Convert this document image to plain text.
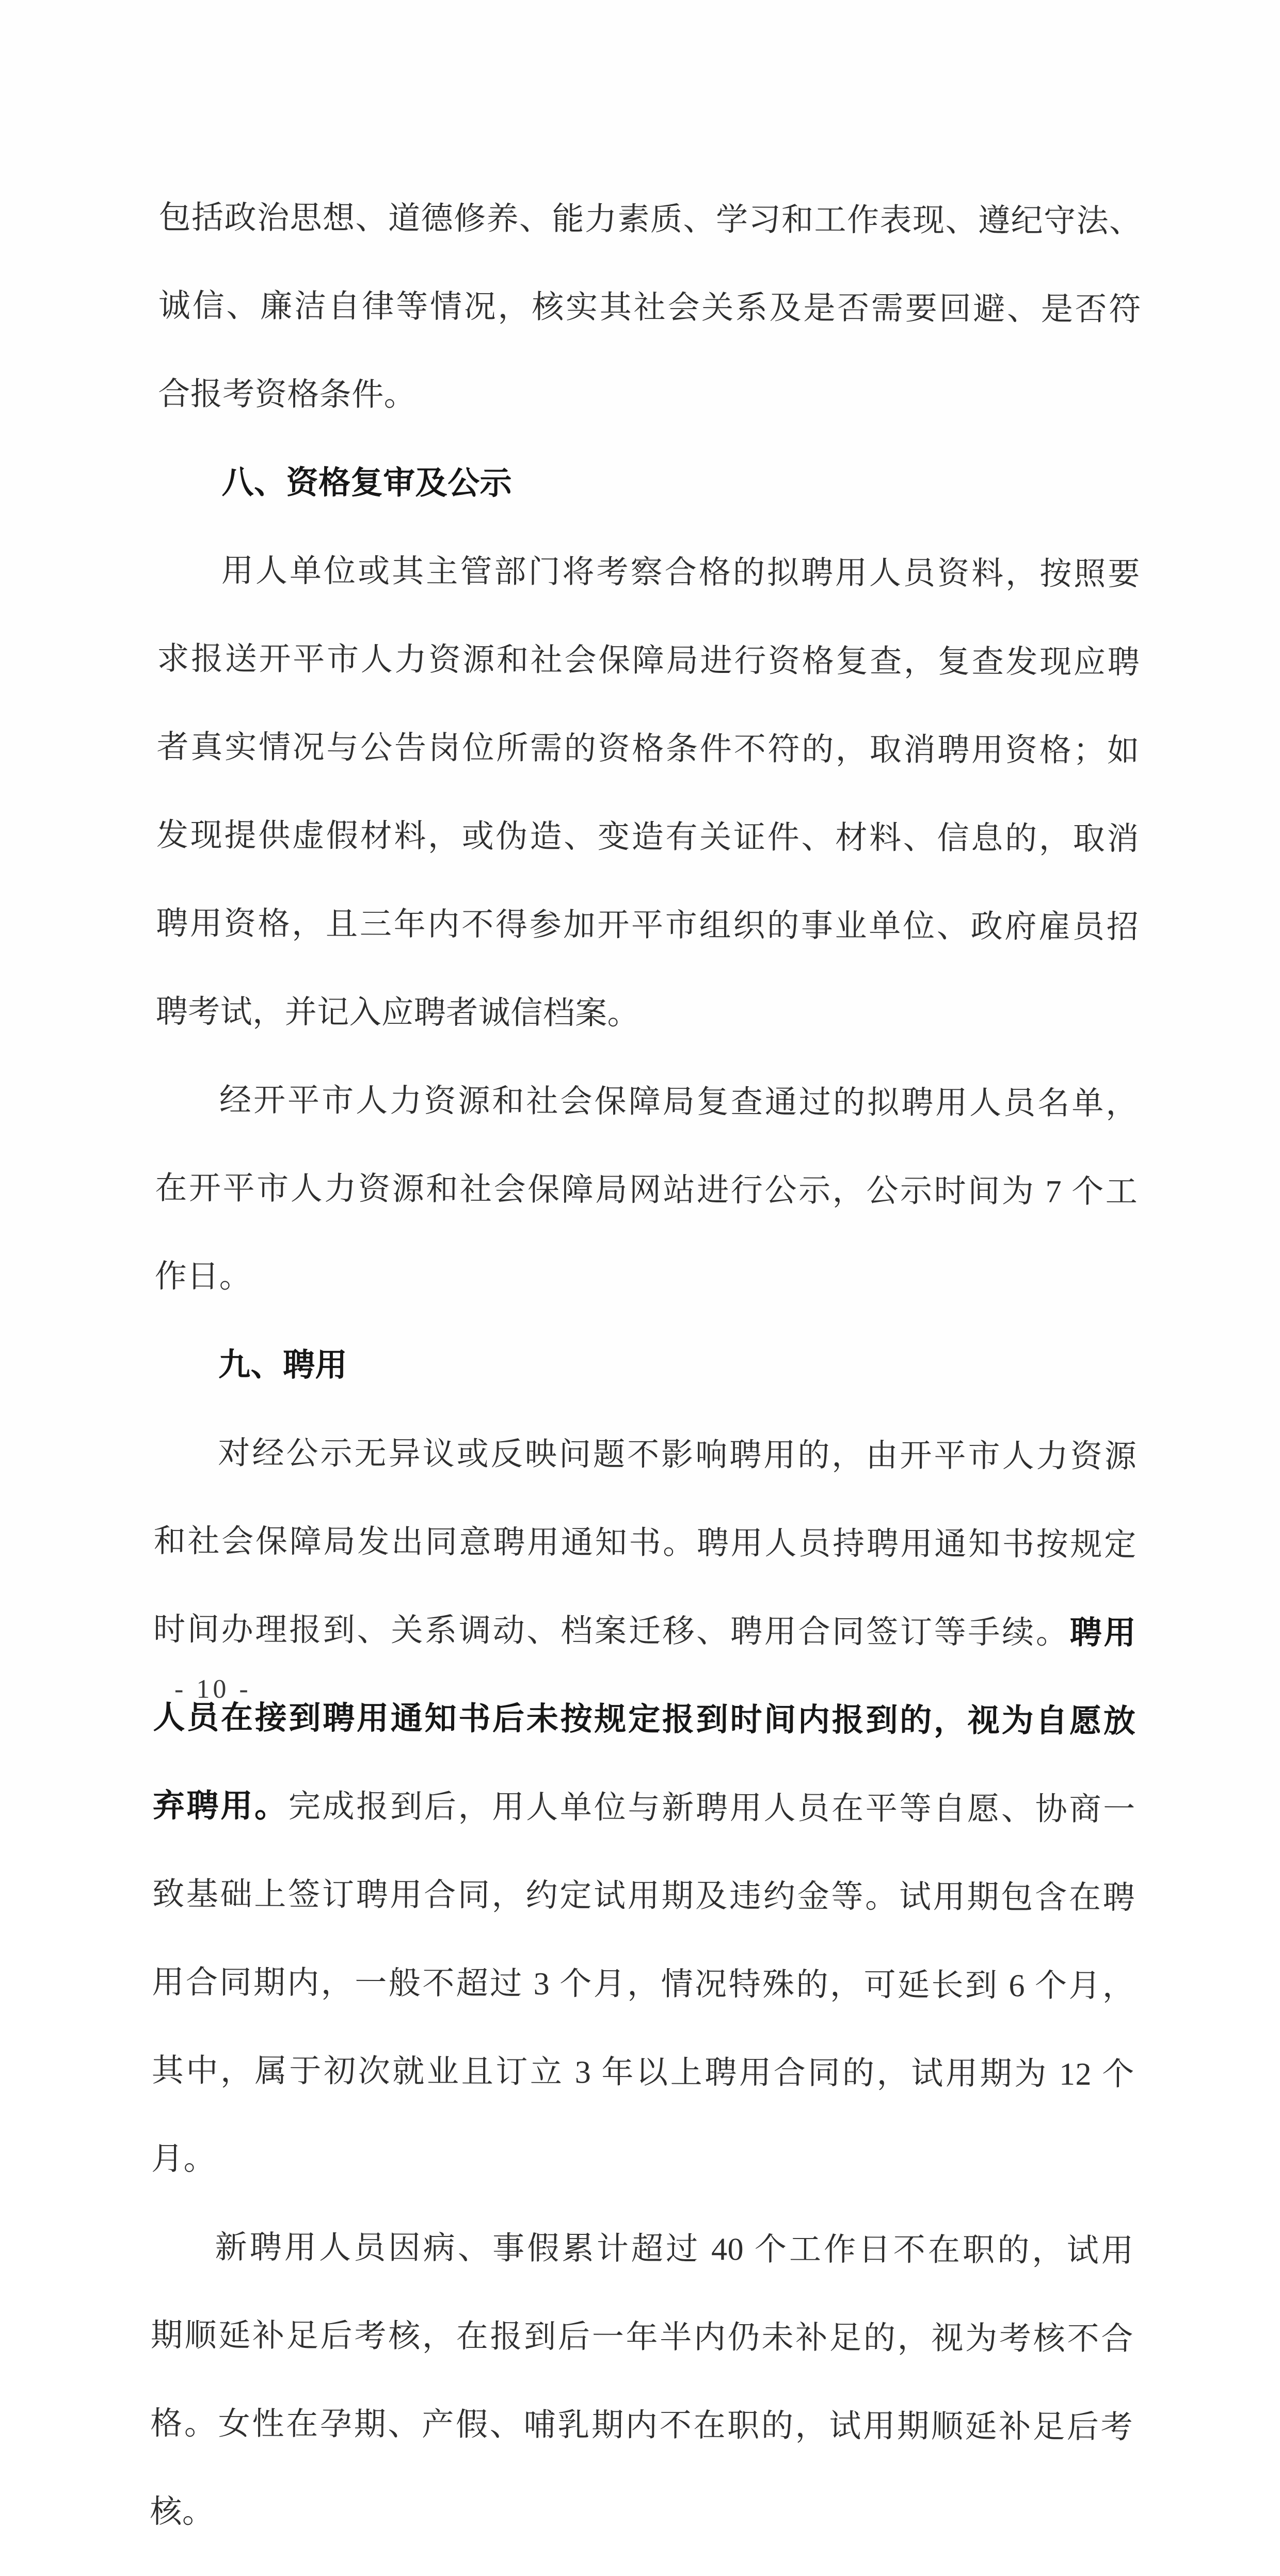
包括政治思想、道德修养、能力素质、学习和工作表现、遵纪守法、

诚信、廉洁自律等情况，核实其社会关系及是否需要回避、是否符

合报考资格条件。

八、资格复审及公示

用人单位或其主管部门将考察合格的拟聘用人员资料，按照要

求报送开平市人力资源和社会保障局进行资格复查，复查发现应聘

者真实情况与公告岗位所需的资格条件不符的，取消聘用资格；如

发现提供虚假材料，或伪造、变造有关证件、材料、信息的，取消

聘用资格，且三年内不得参加开平市组织的事业单位、政府雇员招

聘考试，并记入应聘者诚信档案。

经开平市人力资源和社会保障局复查通过的拟聘用人员名单，

在开平市人力资源和社会保障局网站进行公示，公示时间为 7 个工

作日。

九、聘用

对经公示无异议或反映问题不影响聘用的，由开平市人力资源

和社会保障局发出同意聘用通知书。聘用人员持聘用通知书按规定

时间办理报到、关系调动、档案迁移、聘用合同签订等手续。聘用

人员在接到聘用通知书后未按规定报到时间内报到的，视为自愿放

弃聘用。完成报到后，用人单位与新聘用人员在平等自愿、协商一

致基础上签订聘用合同，约定试用期及违约金等。试用期包含在聘

用合同期内，一般不超过 3 个月，情况特殊的，可延长到 6 个月，

其中，属于初次就业且订立 3 年以上聘用合同的，试用期为 12 个

月。

新聘用人员因病、事假累计超过 40 个工作日不在职的，试用

期顺延补足后考核，在报到后一年半内仍未补足的，视为考核不合

格。女性在孕期、产假、哺乳期内不在职的，试用期顺延补足后考

核。

- 10 -
